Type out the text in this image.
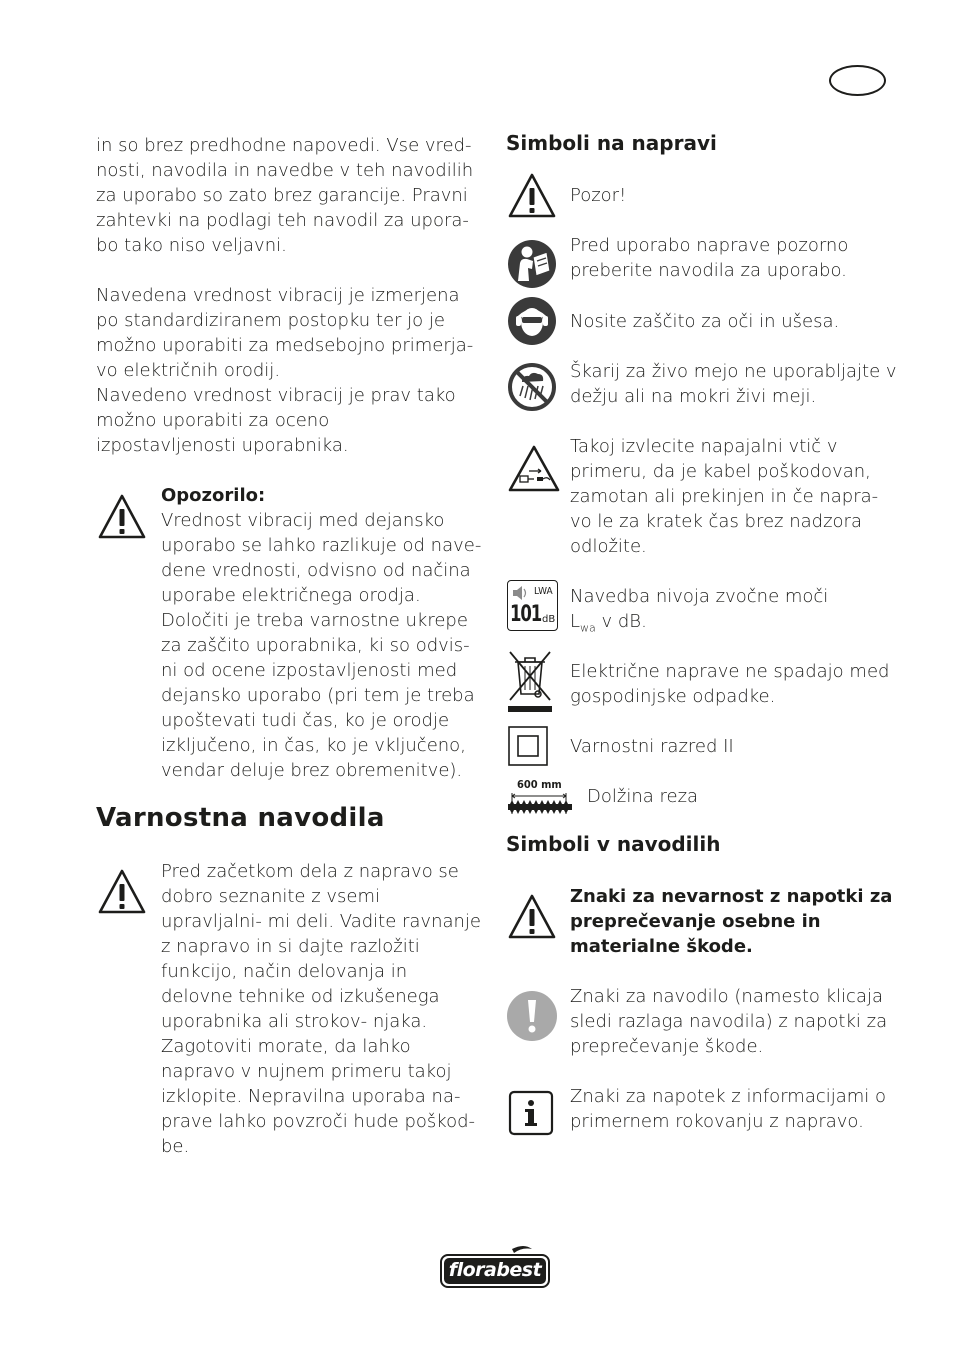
in so brez predhodne napovedi. Vse vred- nosti, navodila in navedbe v teh navodilih za uporabo so zato brez garancije. Pravni zahtevki na podlagi teh navodil za upora- bo tako niso veljavni.

Navedena vrednost vibracij je izmerjena po standardiziranem postopku ter jo je možno uporabiti za medsebojno primerja- vo električnih orodij.

Navedeno vrednost vibracij je prav tako možno uporabiti za oceno izpostavljenosti uporabnika.

Opozorilo:

Vrednost vibracij med dejansko uporabo se lahko razlikuje od nave- dene vrednosti, odvisno od načina uporabe električnega orodja. Določiti je treba varnostne ukrepe za zaščito uporabnika, ki so odvis- ni od ocene izpostavljenosti med dejansko uporabo (pri tem je treba upoštevati tudi čas, ko je orodje izključeno, in čas, ko je vključeno, vendar deluje brez obremenitve).

Varnostna navodila
Pred začetkom dela z napravo se dobro seznanite z vsemi upravljalni- mi deli. Vadite ravnanje z napravo in si dajte razložiti funkcijo, način delovanja in delovne tehnike od izkušenega uporabnika ali strokov- njaka. Zagotoviti morate, da lahko napravo v nujnem primeru takoj izklopite. Nepravilna uporaba na- prave lahko povzroči hude poškod- be.
Simboli na napravi
Pozor!
Pred uporabo naprave pozorno preberite navodila za uporabo.
Nosite zaščito za oči in ušesa.
Škarij za živo mejo ne uporabljajte v dežju ali na mokri živi meji.
Takoj izvlecite napajalni vtič v primeru, da je kabel poškodovan, zamotan ali prekinjen in če napra- vo le za kratek čas brez nadzora odložite.
LWA
101 dB
Navedba nivoja zvočne moči
$L_{wa}$ v dB.
Električne naprave ne spadajo med gospodinjske odpadke.
Varnostni razred II
600 mm
Dolžina reza
Simboli v navodilih
Znaki za nevarnost z napotki za preprečevanje osebne in materialne škode.
Znaki za navodilo (namesto klicaja sledi razlaga navodila) z napotki za preprečevanje škode.
Znaki za napotek z informacijami o primernem rokovanju z napravo.
florabest
